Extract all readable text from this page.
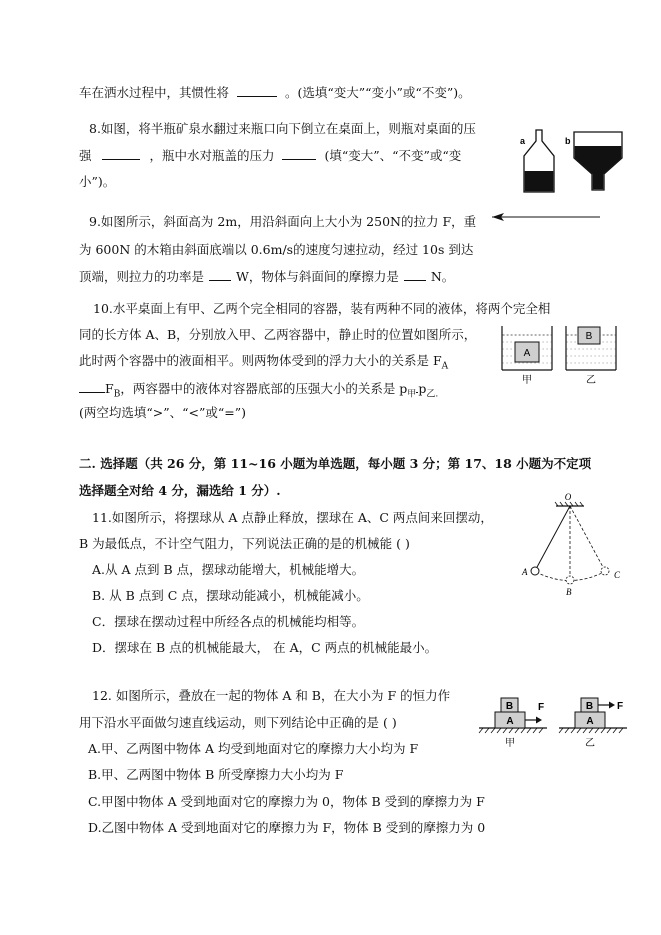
车在洒水过程中，其惯性将	。(选填“变大”“变小”或“不变”)。
8.如图，将半瓶矿泉水翻过来瓶口向下倒立在桌面上，则瓶对桌面的压
强	，瓶中水对瓶盖的压力	(填“变大”、“不变”或“变
小”)。
a	b
9.如图所示，斜面高为 2m，用沿斜面向上大小为 250N的拉力 F，重
为 600N 的木箱由斜面底端以 0.6m/s的速度匀速拉动，经过 10s 到达
顶端，则拉力的功率是	W，物体与斜面间的摩擦力是	N。
10.水平桌面上有甲、乙两个完全相同的容器，装有两种不同的液体，将两个完全相
同的长方体 A、B，分别放入甲、乙两容器中，静止时的位置如图所示，
此时两个容器中的液面相平。则两物体受到的浮力大小的关系是 $F_A$
$F_B$，两容器中的液体对容器底部的压强大小的关系是 $p_甲$ $p_{乙.}$
(两空均选填“>”、“<”或“=”)
A
B
甲	乙
二. 选择题（共 26 分，第 11~16 小题为单选题，每小题 3 分；第 17、18 小题为不定项
选择题全对给 4 分，漏选给 1 分）.
11.如图所示，将摆球从 A 点静止释放，摆球在 A、C 两点间来回摆动，
B 为最低点，不计空气阻力，下列说法正确的是的机械能 ( )
A.从 A 点到 B 点，摆球动能增大，机械能增大。
B. 从 B 点到 C 点，摆球动能减小，机械能减小。
C．摆球在摆动过程中所经各点的机械能均相等。
D．摆球在 B 点的机械能最大， 在 A，C 两点的机械能最小。
O
A
B
C
12. 如图所示，叠放在一起的物体 A 和 B，在大小为 F 的恒力作
用下沿水平面做匀速直线运动，则下列结论中正确的是 ( )
A.甲、乙两图中物体 A 均受到地面对它的摩擦力大小均为 F
B.甲、乙两图中物体 B 所受摩擦力大小均为 F
C.甲图中物体 A 受到地面对它的摩擦力为 0，物体 B 受到的摩擦力为 F
D.乙图中物体 A 受到地面对它的摩擦力为 F，物体 B 受到的摩擦力为 0
A
B F
A
B F
甲	乙
